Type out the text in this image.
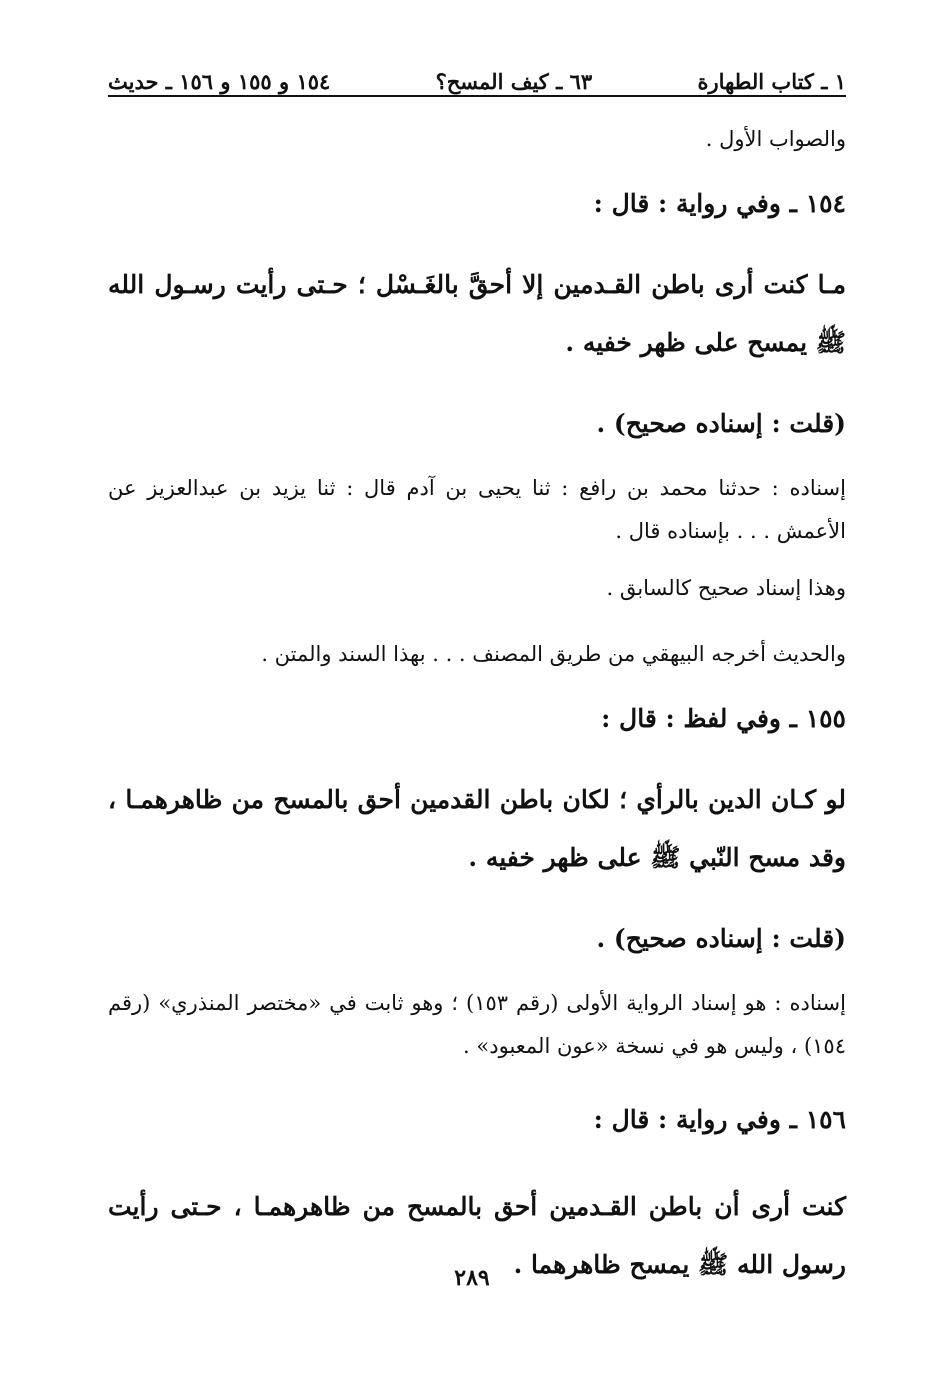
١ ـ كتاب الطهارة
٦٣ ـ كيف المسح؟
١٥٤ و ١٥٥ و ١٥٦ ـ حديث

والصواب الأول .

١٥٤ ـ وفي رواية : قال :

مـا كنت أرى باطن القـدمين إلا أحقَّ بالغَـسْل ؛ حـتى رأيت رسـول الله ﷺ يمسح على ظهر خفيه .

(قلت : إسناده صحيح) .

إسناده : حدثنا محمد بن رافع : ثنا يحيى بن آدم قال : ثنا يزيد بن عبدالعزيز عن الأعمش . . . بإسناده قال .

وهذا إسناد صحيح كالسابق .

والحديث أخرجه البيهقي من طريق المصنف . . . بهذا السند والمتن .

١٥٥ ـ وفي لفظ : قال :

لو كـان الدين بالرأي ؛ لكان باطن القدمين أحق بالمسح من ظاهرهمـا ، وقد مسح النّبي ﷺ على ظهر خفيه .

(قلت : إسناده صحيح) .

إسناده : هو إسناد الرواية الأولى (رقم ١٥٣) ؛ وهو ثابت في «مختصر المنذري» (رقم ١٥٤) ، وليس هو في نسخة «عون المعبود» .

١٥٦ ـ وفي رواية : قال :

كنت أرى أن باطن القـدمين أحق بالمسح من ظاهرهمـا ، حـتى رأيت رسول الله ﷺ يمسح ظاهرهما .

٢٨٩
